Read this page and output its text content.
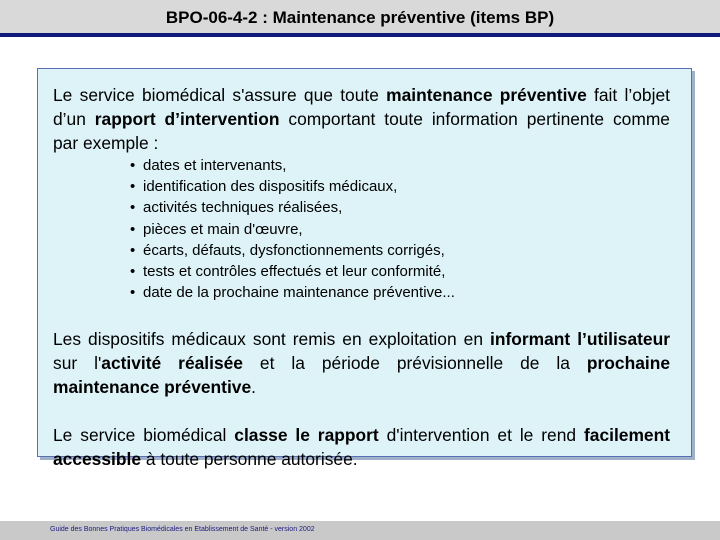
BPO-06-4-2 : Maintenance préventive (items BP)

Le service biomédical s'assure que toute maintenance préventive fait l’objet d’un rapport d’intervention comportant toute information pertinente comme par exemple :

• dates et intervenants,
• identification des dispositifs médicaux,
• activités techniques réalisées,
• pièces et main d'œuvre,
• écarts, défauts, dysfonctionnements corrigés,
• tests et contrôles effectués et leur conformité,
• date de la prochaine maintenance préventive...

Les dispositifs médicaux sont remis en exploitation en informant l’utilisateur sur l'activité réalisée et la période prévisionnelle de la prochaine maintenance préventive.

Le service biomédical classe le rapport d'intervention et le rend facilement accessible à toute personne autorisée.

Guide des Bonnes Pratiques Biomédicales en Etablissement de Santé - version 2002
